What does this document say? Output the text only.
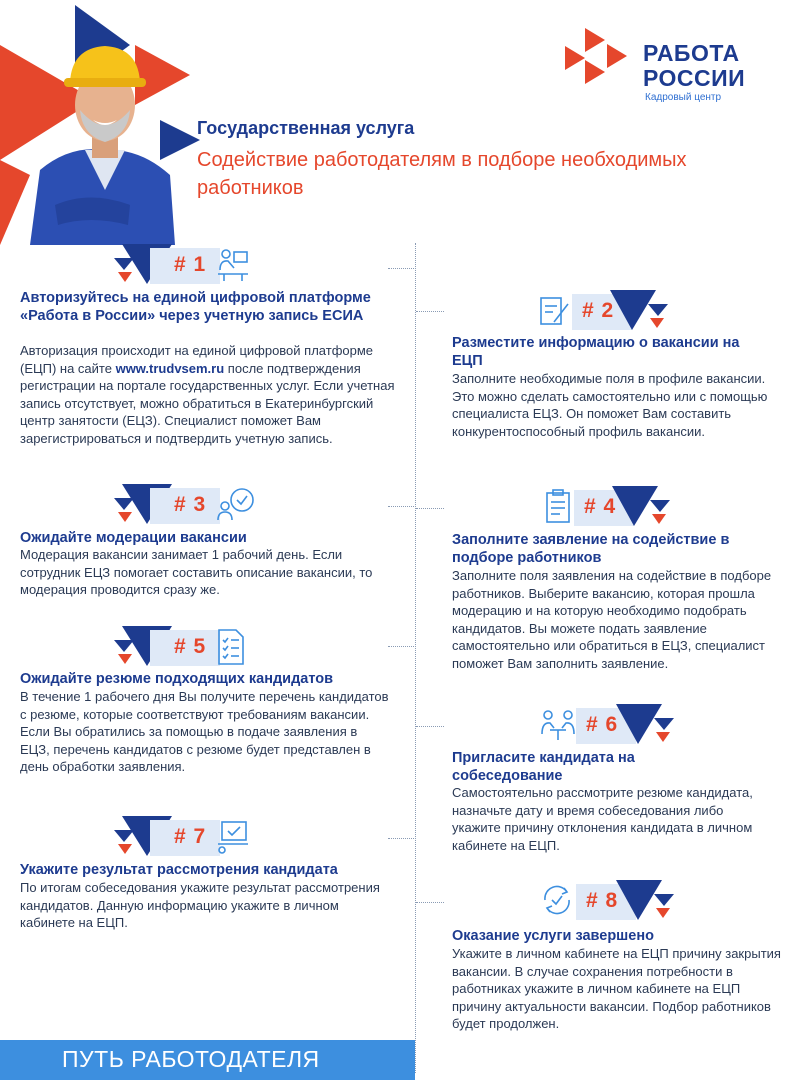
РАБОТА
РОССИИ
Кадровый центр
Государственная услуга
Содействие работодателям в подборе необходимых работников
# 1
Авторизуйтесь на единой цифровой платформе «Работа в России» через учетную запись ЕСИА
Авторизация происходит на единой цифровой платформе (ЕЦП) на сайте www.trudvsem.ru после подтверждения регистрации на портале государственных услуг. Если учетная запись отсутствует, можно обратиться в Екатеринбургский центр занятости (ЕЦЗ). Специалист поможет Вам зарегистрироваться и подтвердить учетную запись.
# 2
Разместите информацию о вакансии на ЕЦП
Заполните необходимые поля в профиле вакансии. Это можно сделать самостоятельно или с помощью специалиста ЕЦЗ. Он поможет Вам составить конкурентоспособный профиль вакансии.
# 3
Ожидайте модерации вакансии
Модерация вакансии занимает 1 рабочий день. Если сотрудник ЕЦЗ помогает составить описание вакансии, то модерация проводится сразу же.
# 4
Заполните заявление на содействие в подборе работников
Заполните поля заявления на содействие в подборе работников. Выберите вакансию, которая прошла модерацию и на которую необходимо подобрать кандидатов. Вы можете подать заявление самостоятельно или обратиться в ЕЦЗ, специалист поможет Вам заполнить заявление.
# 5
Ожидайте резюме подходящих кандидатов
В течение 1 рабочего дня Вы получите перечень кандидатов с резюме, которые соответствуют требованиям вакансии. Если Вы обратились за помощью в подаче заявления в ЕЦЗ, перечень кандидатов с резюме будет представлен в день обработки заявления.
# 6
Пригласите кандидата на собеседование
Самостоятельно рассмотрите резюме кандидата, назначьте дату и время собеседования либо укажите причину отклонения кандидата в личном кабинете на ЕЦП.
# 7
Укажите результат рассмотрения кандидата
По итогам собеседования укажите результат рассмотрения кандидатов. Данную информацию укажите в личном кабинете на ЕЦП.
# 8
Оказание услуги завершено
Укажите в личном кабинете на ЕЦП причину закрытия вакансии. В случае сохранения потребности в работниках укажите в личном кабинете на ЕЦП причину актуальности вакансии. Подбор работников будет продолжен.
ПУТЬ РАБОТОДАТЕЛЯ
